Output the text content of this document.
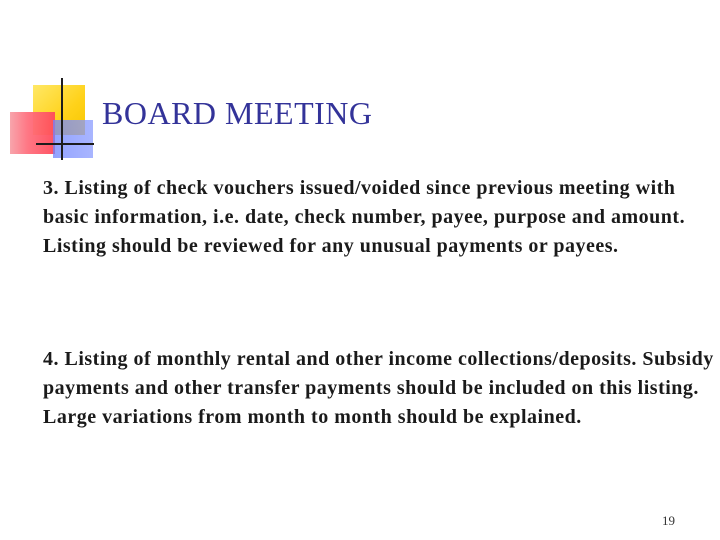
BOARD MEETING

3. Listing of check vouchers issued/voided since previous meeting with basic information, i.e. date, check number, payee, purpose and amount. Listing should be reviewed for any unusual payments or payees.

4. Listing of monthly rental and other income collections/deposits. Subsidy payments and other transfer payments should be included on this listing. Large variations from month to month should be explained.

19
